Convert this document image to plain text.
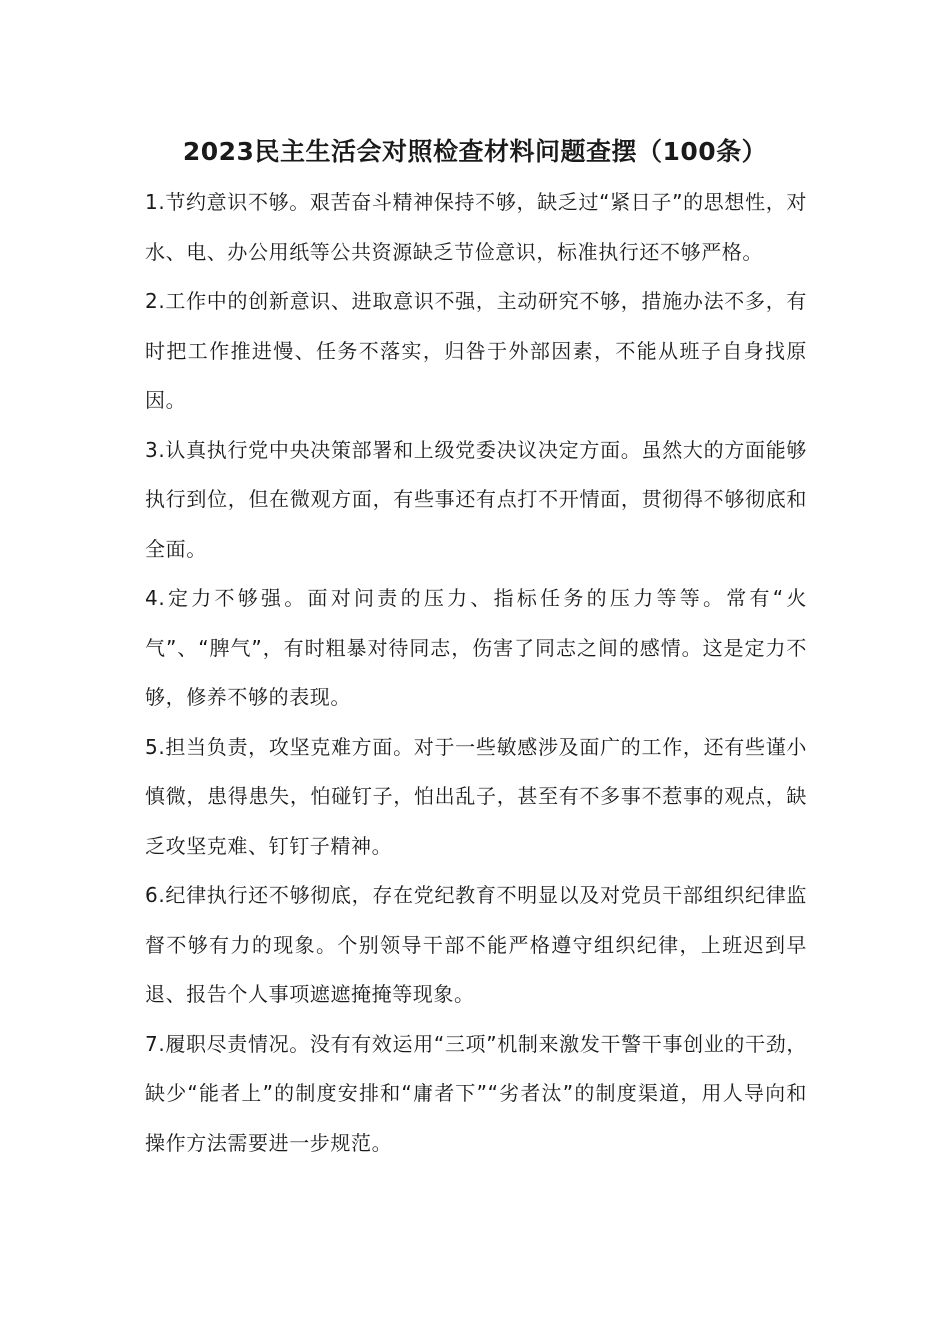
2023民主生活会对照检查材料问题查摆（100条）

1.节约意识不够。艰苦奋斗精神保持不够，缺乏过“紧日子”的思想性，对水、电、办公用纸等公共资源缺乏节俭意识，标准执行还不够严格。

2.工作中的创新意识、进取意识不强，主动研究不够，措施办法不多，有时把工作推进慢、任务不落实，归咎于外部因素，不能从班子自身找原因。

3.认真执行党中央决策部署和上级党委决议决定方面。虽然大的方面能够执行到位，但在微观方面，有些事还有点打不开情面，贯彻得不够彻底和全面。

4.定力不够强。面对问责的压力、指标任务的压力等等。常有“火气”、“脾气”，有时粗暴对待同志，伤害了同志之间的感情。这是定力不够，修养不够的表现。

5.担当负责，攻坚克难方面。对于一些敏感涉及面广的工作，还有些谨小慎微，患得患失，怕碰钉子，怕出乱子，甚至有不多事不惹事的观点，缺乏攻坚克难、钉钉子精神。

6.纪律执行还不够彻底，存在党纪教育不明显以及对党员干部组织纪律监督不够有力的现象。个别领导干部不能严格遵守组织纪律，上班迟到早退、报告个人事项遮遮掩掩等现象。

7.履职尽责情况。没有有效运用“三项”机制来激发干警干事创业的干劲，缺少“能者上”的制度安排和“庸者下”“劣者汰”的制度渠道，用人导向和操作方法需要进一步规范。
